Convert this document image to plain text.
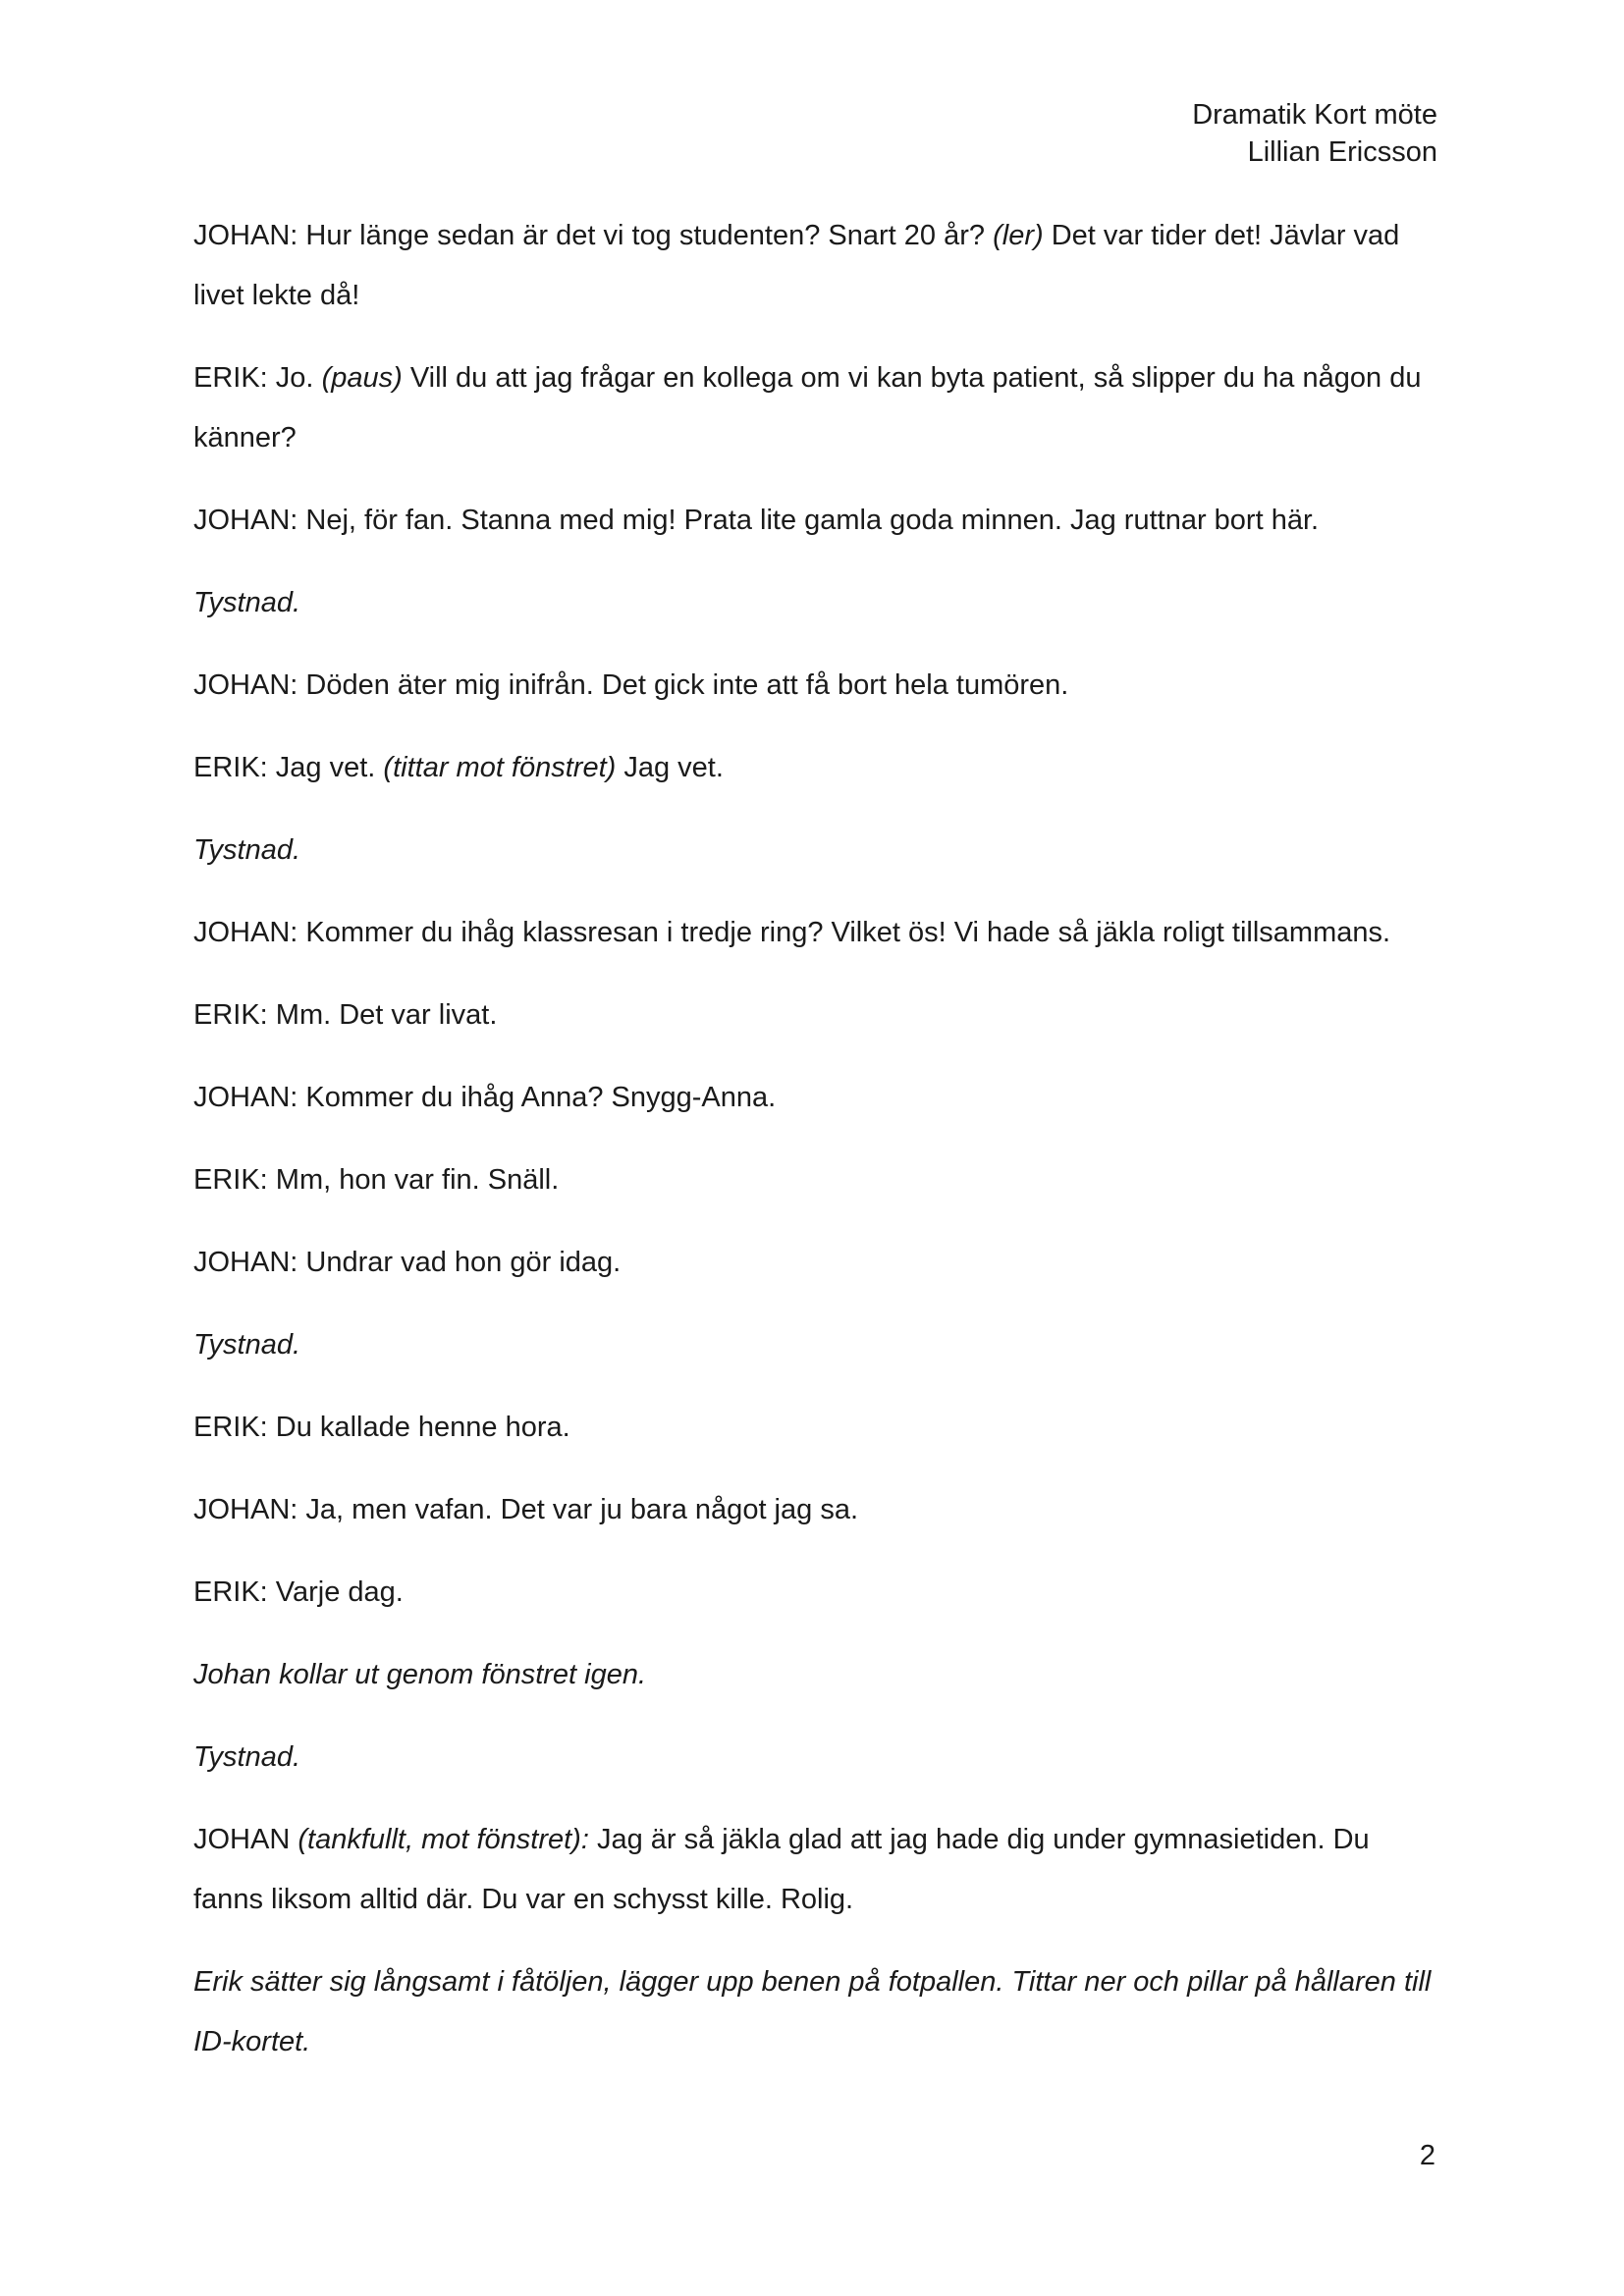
Dramatik Kort möte
Lillian Ericsson

JOHAN: Hur länge sedan är det vi tog studenten? Snart 20 år? (ler) Det var tider det! Jävlar vad livet lekte då!

ERIK: Jo. (paus) Vill du att jag frågar en kollega om vi kan byta patient, så slipper du ha någon du känner?

JOHAN: Nej, för fan. Stanna med mig! Prata lite gamla goda minnen. Jag ruttnar bort här.

Tystnad.

JOHAN: Döden äter mig inifrån. Det gick inte att få bort hela tumören.

ERIK: Jag vet. (tittar mot fönstret) Jag vet.

Tystnad.

JOHAN: Kommer du ihåg klassresan i tredje ring? Vilket ös! Vi hade så jäkla roligt tillsammans.

ERIK: Mm. Det var livat.

JOHAN: Kommer du ihåg Anna? Snygg-Anna.

ERIK: Mm, hon var fin. Snäll.

JOHAN: Undrar vad hon gör idag.

Tystnad.

ERIK: Du kallade henne hora.

JOHAN: Ja, men vafan. Det var ju bara något jag sa.

ERIK: Varje dag.

Johan kollar ut genom fönstret igen.

Tystnad.

JOHAN (tankfullt, mot fönstret): Jag är så jäkla glad att jag hade dig under gymnasietiden. Du fanns liksom alltid där. Du var en schysst kille. Rolig.

Erik sätter sig långsamt i fåtöljen, lägger upp benen på fotpallen. Tittar ner och pillar på hållaren till ID-kortet.

2
